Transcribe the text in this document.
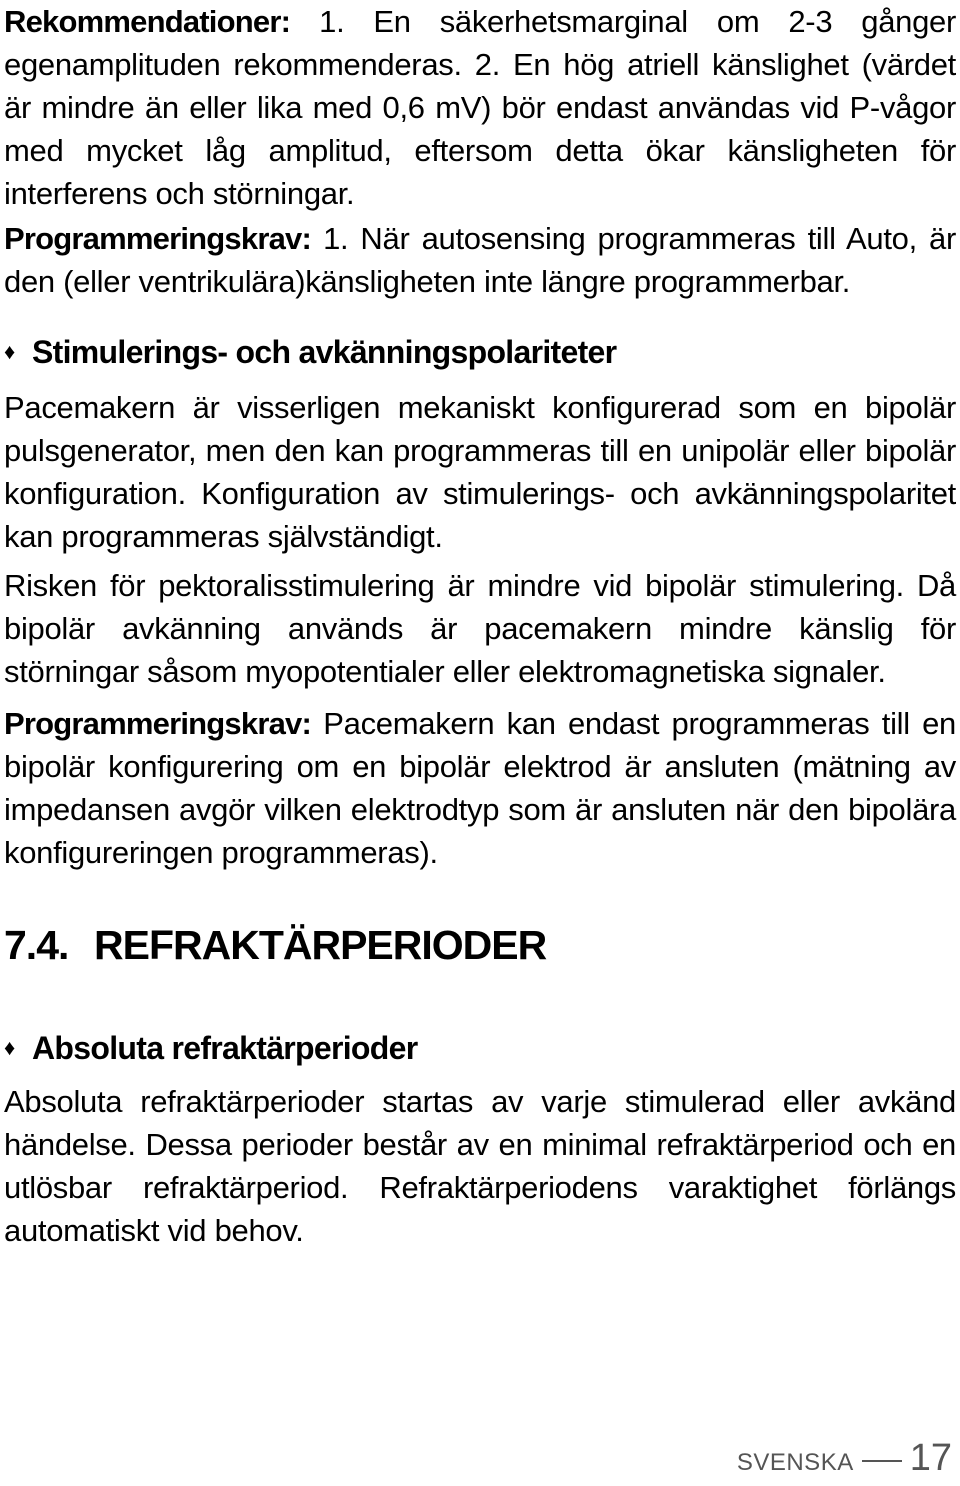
Rekommendationer: 1. En säkerhetsmarginal om 2-3 gånger egenamplituden rekommenderas. 2. En hög atriell känslighet (värdet är mindre än eller lika med 0,6 mV) bör endast användas vid P-vågor med mycket låg amplitud, eftersom detta ökar känsligheten för interferens och störningar.

Programmeringskrav: 1. När autosensing programmeras till Auto, är den (eller ventrikulära)känsligheten inte längre programmerbar.

♦ Stimulerings- och avkänningspolariteter

Pacemakern är visserligen mekaniskt konfigurerad som en bipolär pulsgenerator, men den kan programmeras till en unipolär eller bipolär konfiguration. Konfiguration av stimulerings- och avkänningspolaritet kan programmeras självständigt.

Risken för pektoralisstimulering är mindre vid bipolär stimulering. Då bipolär avkänning används är pacemakern mindre känslig för störningar såsom myopotentialer eller elektromagnetiska signaler.

Programmeringskrav: Pacemakern kan endast programmeras till en bipolär konfigurering om en bipolär elektrod är ansluten (mätning av impedansen avgör vilken elektrodtyp som är ansluten när den bipolära konfigureringen programmeras).

7.4. REFRAKTÄRPERIODER
♦ Absoluta refraktärperioder

Absoluta refraktärperioder startas av varje stimulerad eller avkänd händelse. Dessa perioder består av en minimal refraktärperiod och en utlösbar refraktärperiod. Refraktärperiodens varaktighet förlängs automatiskt vid behov.

SVENSKA 17
